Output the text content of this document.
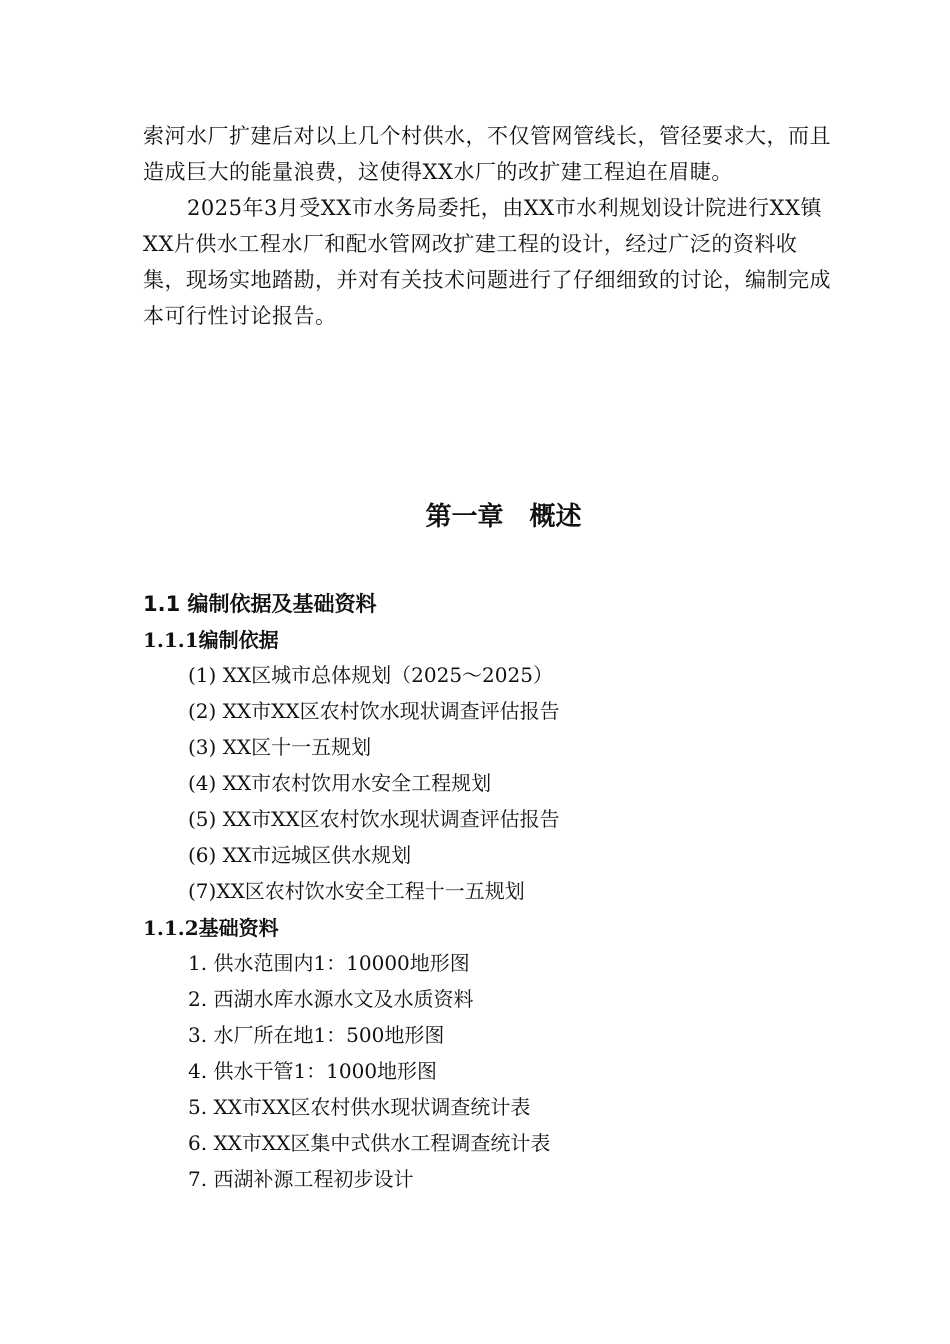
索河水厂扩建后对以上几个村供水，不仅管网管线长，管径要求大，而且造成巨大的能量浪费，这使得XX水厂的改扩建工程迫在眉睫。

2025年3月受XX市水务局委托，由XX市水利规划设计院进行XX镇XX片供水工程水厂和配水管网改扩建工程的设计，经过广泛的资料收集，现场实地踏勘，并对有关技术问题进行了仔细细致的讨论，编制完成本可行性讨论报告。

第一章　概述
1.1 编制依据及基础资料
1.1.1编制依据
(1) XX区城市总体规划（2025～2025）
(2) XX市XX区农村饮水现状调查评估报告
(3) XX区十一五规划
(4) XX市农村饮用水安全工程规划
(5) XX市XX区农村饮水现状调查评估报告
(6) XX市远城区供水规划
(7)XX区农村饮水安全工程十一五规划
1.1.2基础资料
1. 供水范围内1：10000地形图
2. 西湖水库水源水文及水质资料
3. 水厂所在地1：500地形图
4. 供水干管1：1000地形图
5. XX市XX区农村供水现状调查统计表
6. XX市XX区集中式供水工程调查统计表
7. 西湖补源工程初步设计
